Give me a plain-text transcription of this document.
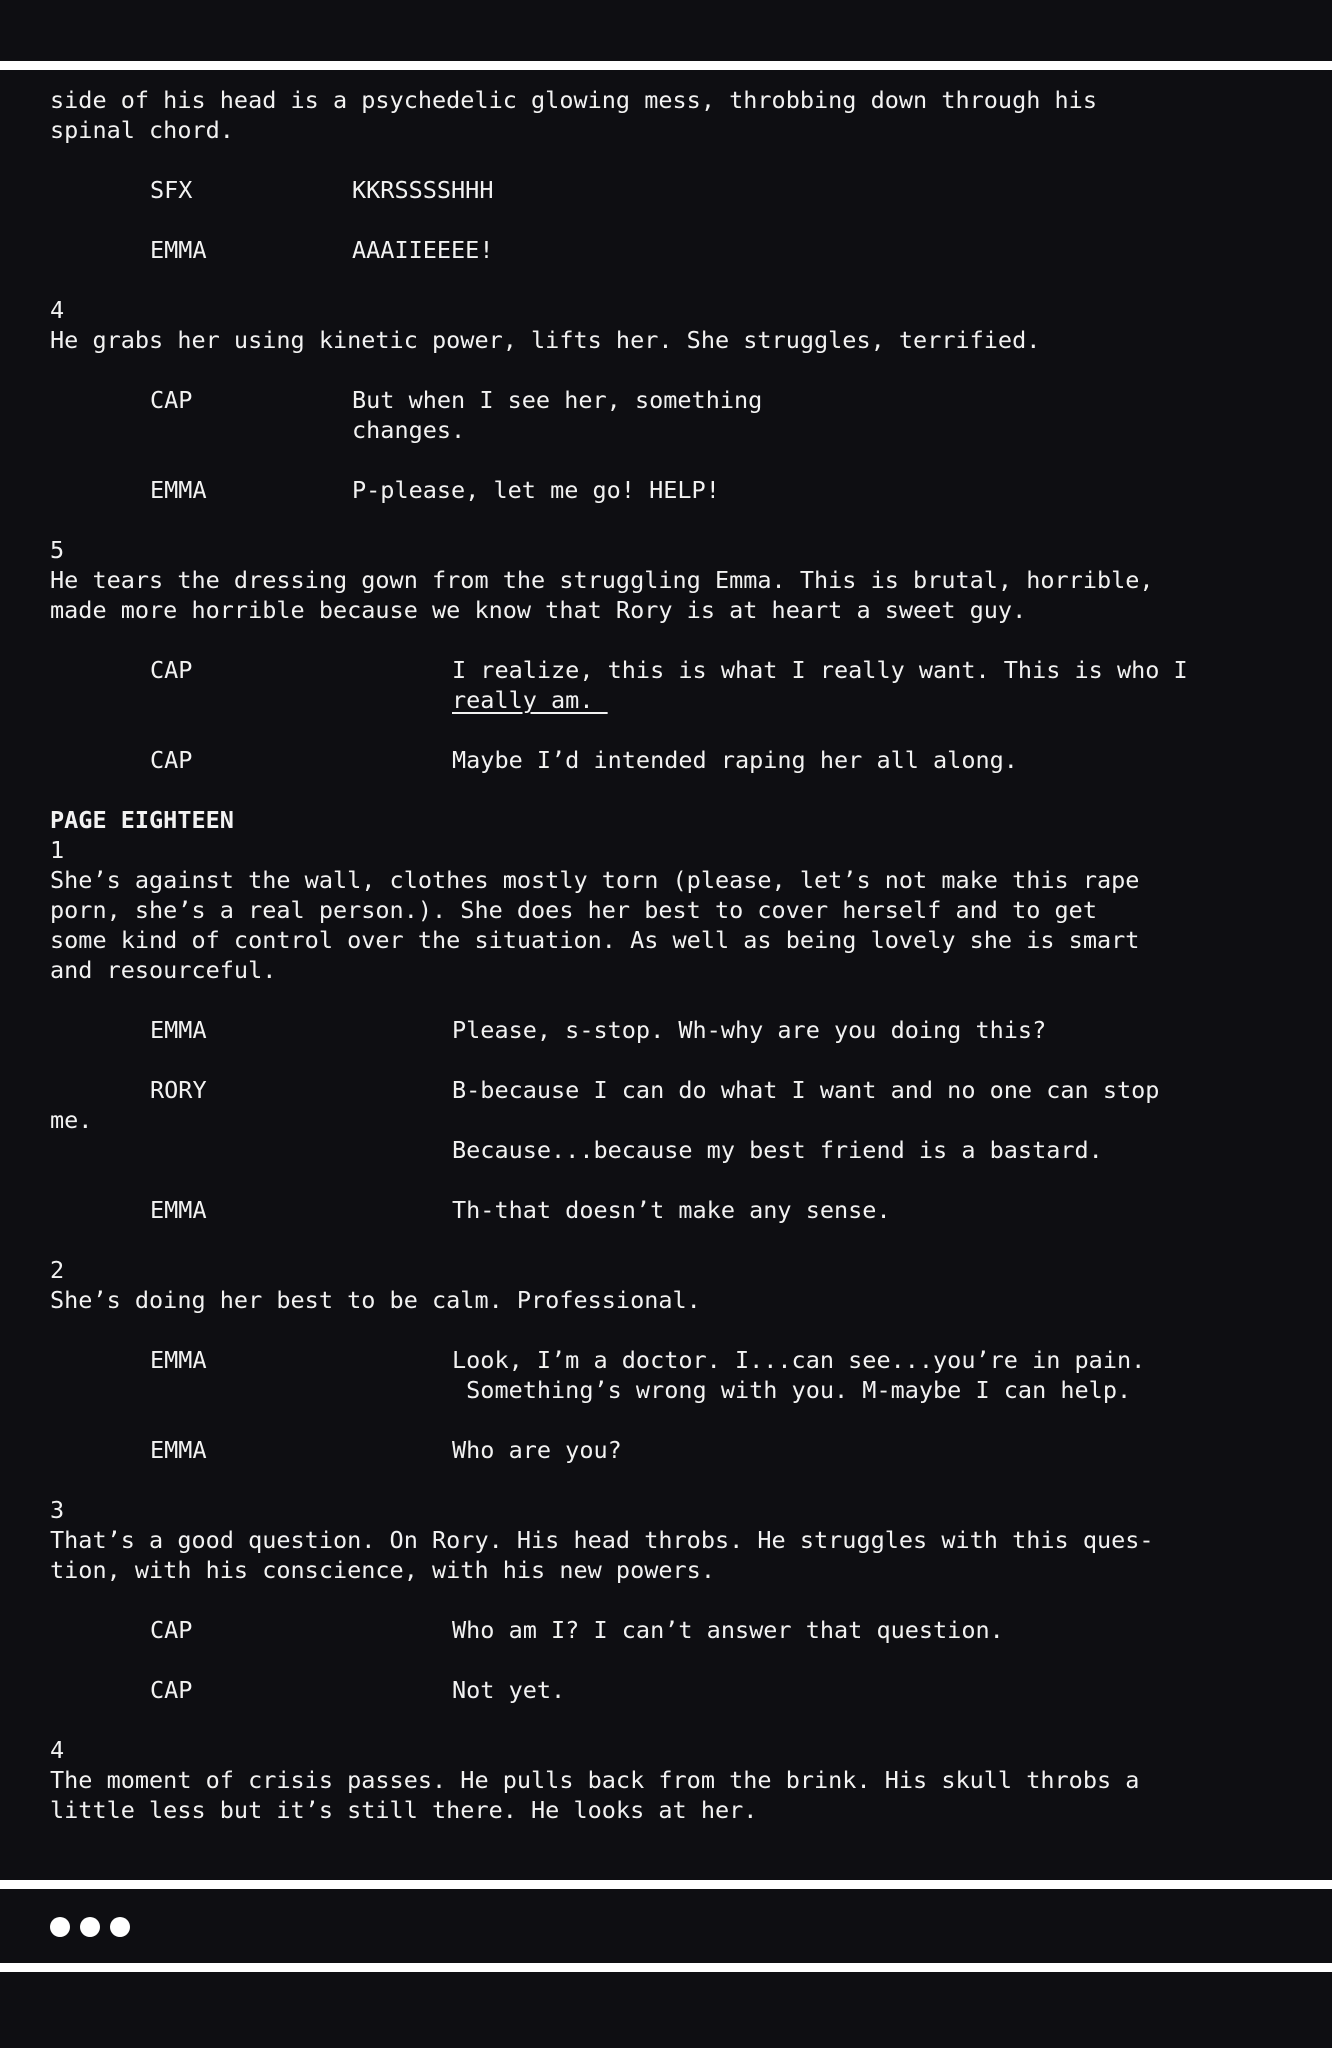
side of his head is a psychedelic glowing mess, throbbing down through his
spinal chord.
SFX	KKRSSSSHHH
EMMA	AAAIIEEEE!
4
He grabs her using kinetic power, lifts her. She struggles, terrified.
CAP	But when I see her, something
changes.
EMMA	P-please, let me go! HELP!
5
He tears the dressing gown from the struggling Emma. This is brutal, horrible,
made more horrible because we know that Rory is at heart a sweet guy.
CAP	I realize, this is what I really want. This is who I
really am.
CAP	Maybe I’d intended raping her all along.
PAGE EIGHTEEN
1
She’s against the wall, clothes mostly torn (please, let’s not make this rape
porn, she’s a real person.). She does her best to cover herself and to get
some kind of control over the situation. As well as being lovely she is smart
and resourceful.
EMMA	Please, s-stop. Wh-why are you doing this?
RORY	B-because I can do what I want and no one can stop
me.
Because...because my best friend is a bastard.
EMMA	Th-that doesn’t make any sense.
2
She’s doing her best to be calm. Professional.
EMMA	Look, I’m a doctor. I...can see...you’re in pain.
Something’s wrong with you. M-maybe I can help.
EMMA	Who are you?
3
That’s a good question. On Rory. His head throbs. He struggles with this ques-
tion, with his conscience, with his new powers.
CAP	Who am I? I can’t answer that question.
CAP	Not yet.
4
The moment of crisis passes. He pulls back from the brink. His skull throbs a
little less but it’s still there. He looks at her.
